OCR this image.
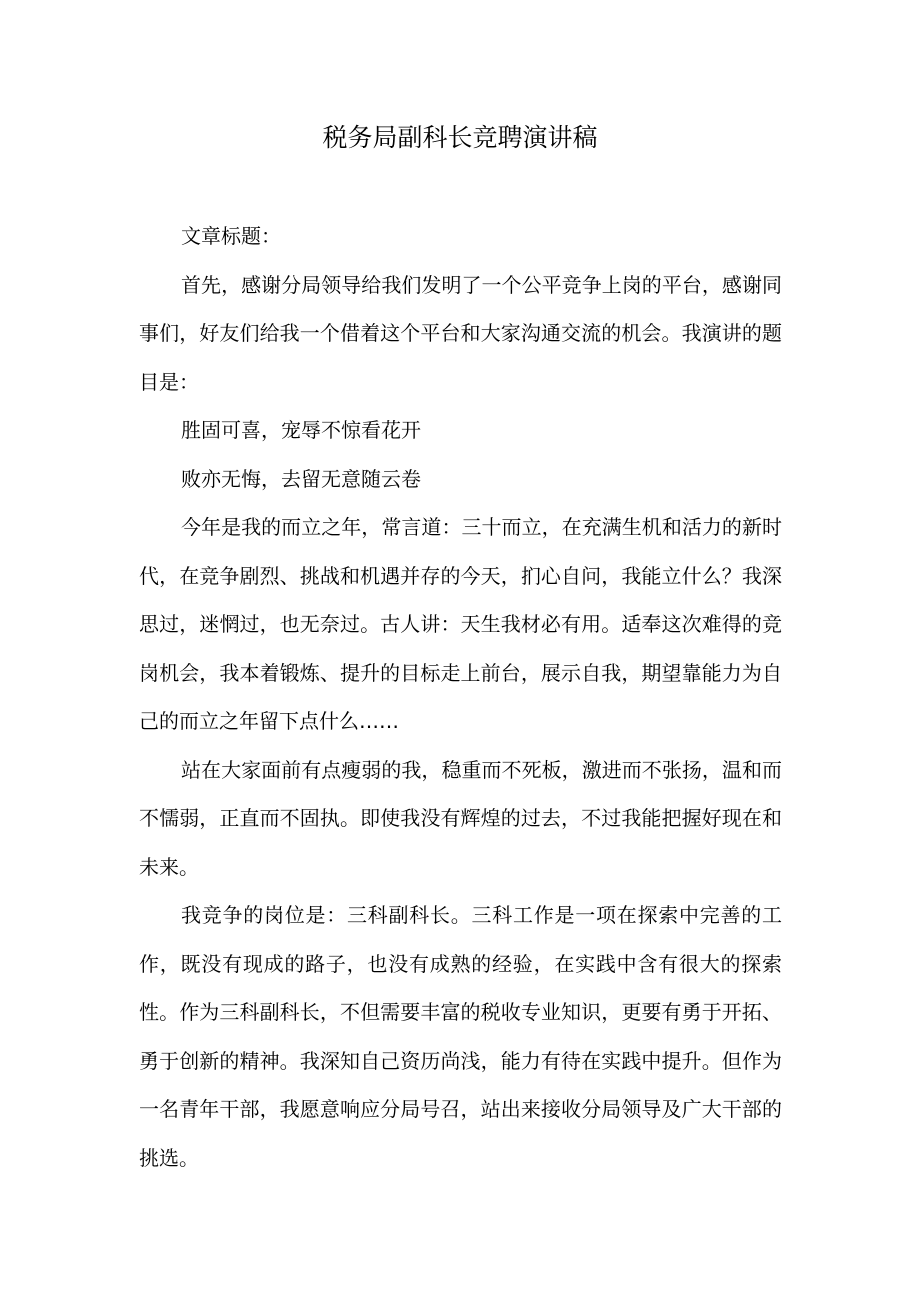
税务局副科长竞聘演讲稿

文章标题：

首先，感谢分局领导给我们发明了一个公平竞争上岗的平台，感谢同事们，好友们给我一个借着这个平台和大家沟通交流的机会。我演讲的题目是：

胜固可喜，宠辱不惊看花开

败亦无悔，去留无意随云卷

今年是我的而立之年，常言道：三十而立，在充满生机和活力的新时代，在竞争剧烈、挑战和机遇并存的今天，扪心自问，我能立什么？我深思过，迷惘过，也无奈过。古人讲：天生我材必有用。适奉这次难得的竞岗机会，我本着锻炼、提升的目标走上前台，展示自我，期望靠能力为自己的而立之年留下点什么……

站在大家面前有点瘦弱的我，稳重而不死板，激进而不张扬，温和而不懦弱，正直而不固执。即使我没有辉煌的过去，不过我能把握好现在和未来。

我竞争的岗位是：三科副科长。三科工作是一项在探索中完善的工作，既没有现成的路子，也没有成熟的经验，在实践中含有很大的探索性。作为三科副科长，不但需要丰富的税收专业知识，更要有勇于开拓、勇于创新的精神。我深知自己资历尚浅，能力有待在实践中提升。但作为一名青年干部，我愿意响应分局号召，站出来接收分局领导及广大干部的挑选。
